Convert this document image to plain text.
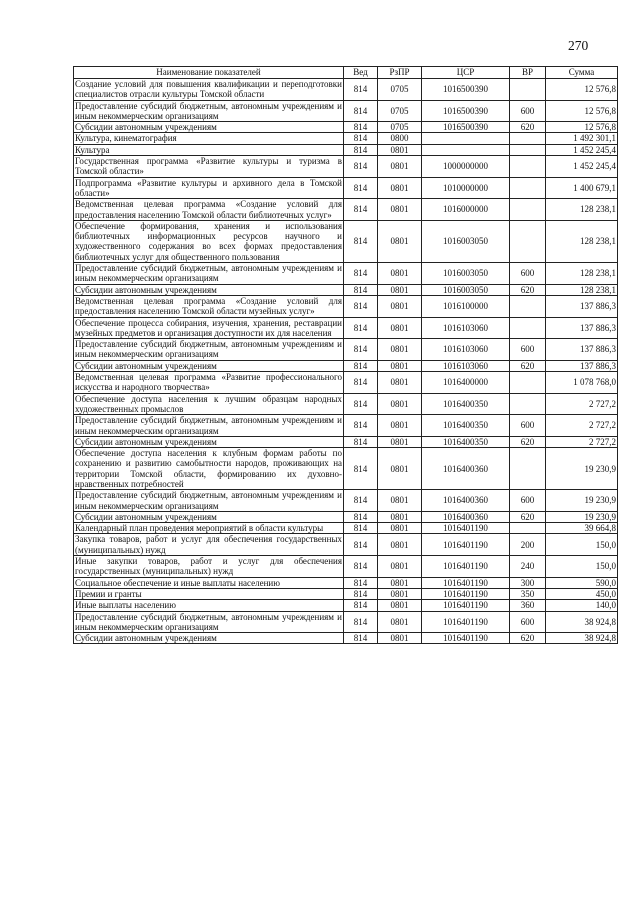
270
Наименование показателей	Вед	РзПР	ЦСР	ВР	Сумма
Создание условий для повышения квалификации и переподготовки специалистов отрасли культуры Томской области	814	0705	1016500390		12 576,8
Предоставление субсидий бюджетным, автономным учреждениям и иным некоммерческим организациям	814	0705	1016500390	600	12 576,8
Субсидии автономным учреждениям	814	0705	1016500390	620	12 576,8
Культура, кинематография	814	0800			1 492 301,1
Культура	814	0801			1 452 245,4
Государственная программа «Развитие культуры и туризма в Томской области»	814	0801	1000000000		1 452 245,4
Подпрограмма «Развитие культуры и архивного дела в Томской области»	814	0801	1010000000		1 400 679,1
Ведомственная целевая программа «Создание условий для предоставления населению Томской области библиотечных услуг»	814	0801	1016000000		128 238,1
Обеспечение формирования, хранения и использования библиотечных информационных ресурсов научного и художественного содержания во всех формах предоставления библиотечных услуг для общественного пользования	814	0801	1016003050		128 238,1
Предоставление субсидий бюджетным, автономным учреждениям и иным некоммерческим организациям	814	0801	1016003050	600	128 238,1
Субсидии автономным учреждениям	814	0801	1016003050	620	128 238,1
Ведомственная целевая программа «Создание условий для предоставления населению Томской области музейных услуг»	814	0801	1016100000		137 886,3
Обеспечение процесса собирания, изучения, хранения, реставрации музейных предметов и организация доступности их для населения	814	0801	1016103060		137 886,3
Предоставление субсидий бюджетным, автономным учреждениям и иным некоммерческим организациям	814	0801	1016103060	600	137 886,3
Субсидии автономным учреждениям	814	0801	1016103060	620	137 886,3
Ведомственная целевая программа «Развитие профессионального искусства и народного творчества»	814	0801	1016400000		1 078 768,0
Обеспечение доступа населения к лучшим образцам народных художественных промыслов	814	0801	1016400350		2 727,2
Предоставление субсидий бюджетным, автономным учреждениям и иным некоммерческим организациям	814	0801	1016400350	600	2 727,2
Субсидии автономным учреждениям	814	0801	1016400350	620	2 727,2
Обеспечение доступа населения к клубным формам работы по сохранению и развитию самобытности народов, проживающих на территории Томской области, формированию их духовно-нравственных потребностей	814	0801	1016400360		19 230,9
Предоставление субсидий бюджетным, автономным учреждениям и иным некоммерческим организациям	814	0801	1016400360	600	19 230,9
Субсидии автономным учреждениям	814	0801	1016400360	620	19 230,9
Календарный план проведения мероприятий в области культуры	814	0801	1016401190		39 664,8
Закупка товаров, работ и услуг для обеспечения государственных (муниципальных) нужд	814	0801	1016401190	200	150,0
Иные закупки товаров, работ и услуг для обеспечения государственных (муниципальных) нужд	814	0801	1016401190	240	150,0
Социальное обеспечение и иные выплаты населению	814	0801	1016401190	300	590,0
Премии и гранты	814	0801	1016401190	350	450,0
Иные выплаты населению	814	0801	1016401190	360	140,0
Предоставление субсидий бюджетным, автономным учреждениям и иным некоммерческим организациям	814	0801	1016401190	600	38 924,8
Субсидии автономным учреждениям	814	0801	1016401190	620	38 924,8
